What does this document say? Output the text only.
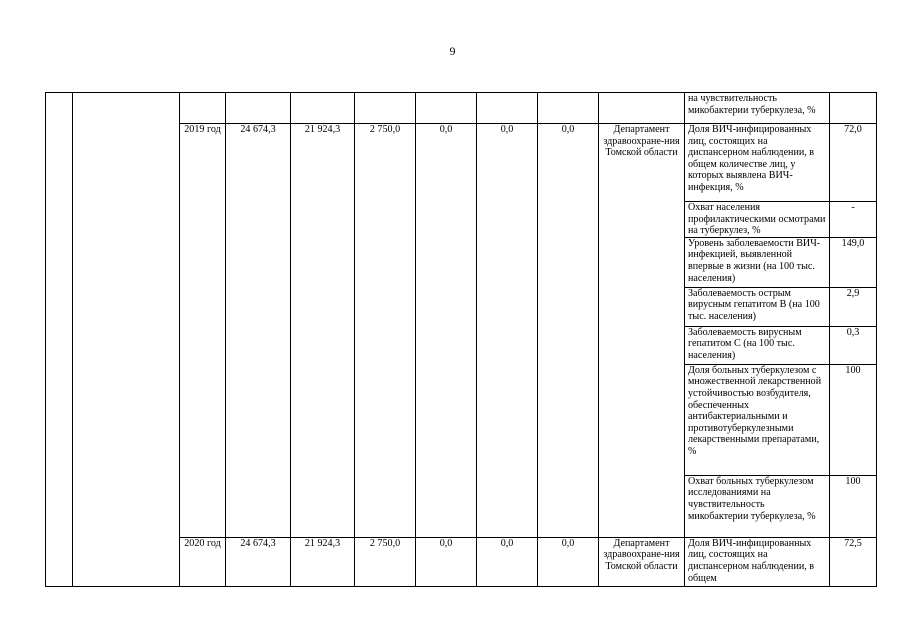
9
										на чувствительность микобактерии туберкулеза, %	
		2019 год	24 674,3	21 924,3	2 750,0	0,0	0,0	0,0	Департамент здравоохране-ния Томской области	Доля ВИЧ-инфицированных лиц, состоящих на диспансерном наблюдении, в общем количестве лиц, у которых выявлена ВИЧ-инфекция, %	72,0
										Охват населения профилактическими осмотрами на туберкулез, %	-
										Уровень заболеваемости ВИЧ-инфекцией, выявленной впервые в жизни (на 100 тыс. населения)	149,0
										Заболеваемость острым вирусным гепатитом В (на 100 тыс. населения)	2,9
										Заболеваемость вирусным гепатитом С (на 100 тыс. населения)	0,3
										Доля больных туберкулезом с множественной лекарственной устойчивостью возбудителя, обеспеченных антибактериальными и противотуберкулезными лекарственными препаратами, %	100
										Охват больных туберкулезом исследованиями на чувствительность микобактерии туберкулеза, %	100
		2020 год	24 674,3	21 924,3	2 750,0	0,0	0,0	0,0	Департамент здравоохране-ния Томской области	Доля ВИЧ-инфицированных лиц, состоящих на диспансерном наблюдении, в общем	72,5
